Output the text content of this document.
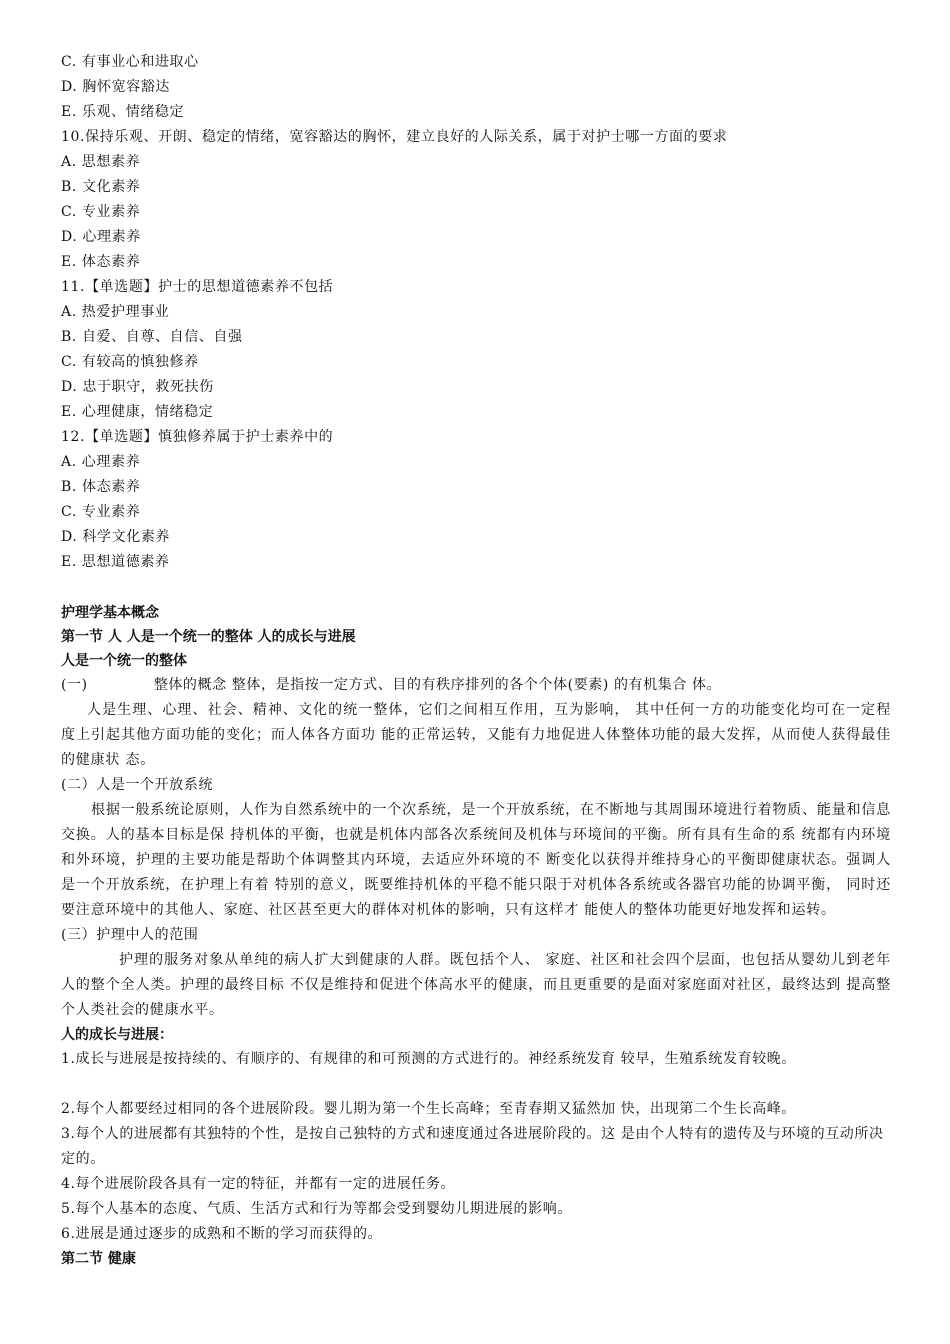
C. 有事业心和进取心
D. 胸怀宽容豁达
E. 乐观、情绪稳定
10.保持乐观、开朗、稳定的情绪，宽容豁达的胸怀，建立良好的人际关系，属于对护士哪一方面的要求
A. 思想素养
B. 文化素养
C. 专业素养
D. 心理素养
E. 体态素养
11.【单选题】护士的思想道德素养不包括
A. 热爱护理事业
B. 自爱、自尊、自信、自强
C. 有较高的慎独修养
D. 忠于职守，救死扶伤
E. 心理健康，情绪稳定
12.【单选题】慎独修养属于护士素养中的
A. 心理素养
B. 体态素养
C. 专业素养
D. 科学文化素养
E. 思想道德素养
护理学基本概念
第一节 人 人是一个统一的整体 人的成长与进展
人是一个统一的整体
(一)	整体的概念 整体，是指按一定方式、目的有秩序排列的各个个体(要素) 的有机集合 体。

人是生理、心理、社会、精神、文化的统一整体，它们之间相互作用，互为影响， 其中任何一方的功能变化均可在一定程度上引起其他方面功能的变化；而人体各方面功 能的正常运转，又能有力地促进人体整体功能的最大发挥，从而使人获得最佳的健康状 态。

(二）人是一个开放系统

根据一般系统论原则，人作为自然系统中的一个次系统，是一个开放系统，在不断地与其周围环境进行着物质、能量和信息交换。人的基本目标是保 持机体的平衡，也就是机体内部各次系统间及机体与环境间的平衡。所有具有生命的系 统都有内环境和外环境，护理的主要功能是帮助个体调整其内环境，去适应外环境的不 断变化以获得并维持身心的平衡即健康状态。强调人是一个开放系统，在护理上有着 特别的意义，既要维持机体的平稳不能只限于对机体各系统或各器官功能的协调平衡， 同时还要注意环境中的其他人、家庭、社区甚至更大的群体对机体的影响，只有这样才 能使人的整体功能更好地发挥和运转。

(三）护理中人的范围

护理的服务对象从单纯的病人扩大到健康的人群。既包括个人、 家庭、社区和社会四个层面，也包括从婴幼儿到老年人的整个全人类。护理的最终目标 不仅是维持和促进个体高水平的健康，而且更重要的是面对家庭面对社区，最终达到 提高整个人类社会的健康水平。

人的成长与进展：

1.成长与进展是按持续的、有顺序的、有规律的和可预测的方式进行的。神经系统发育 较早，生殖系统发育较晚。

2.每个人都要经过相同的各个进展阶段。婴儿期为第一个生长高峰；至青春期又猛然加 快，出现第二个生长高峰。

3.每个人的进展都有其独特的个性，是按自己独特的方式和速度通过各进展阶段的。这 是由个人特有的遗传及与环境的互动所决定的。

4.每个进展阶段各具有一定的特征，并都有一定的进展任务。

5.每个人基本的态度、气质、生活方式和行为等都会受到婴幼儿期进展的影响。

6.进展是通过逐步的成熟和不断的学习而获得的。

第二节 健康
